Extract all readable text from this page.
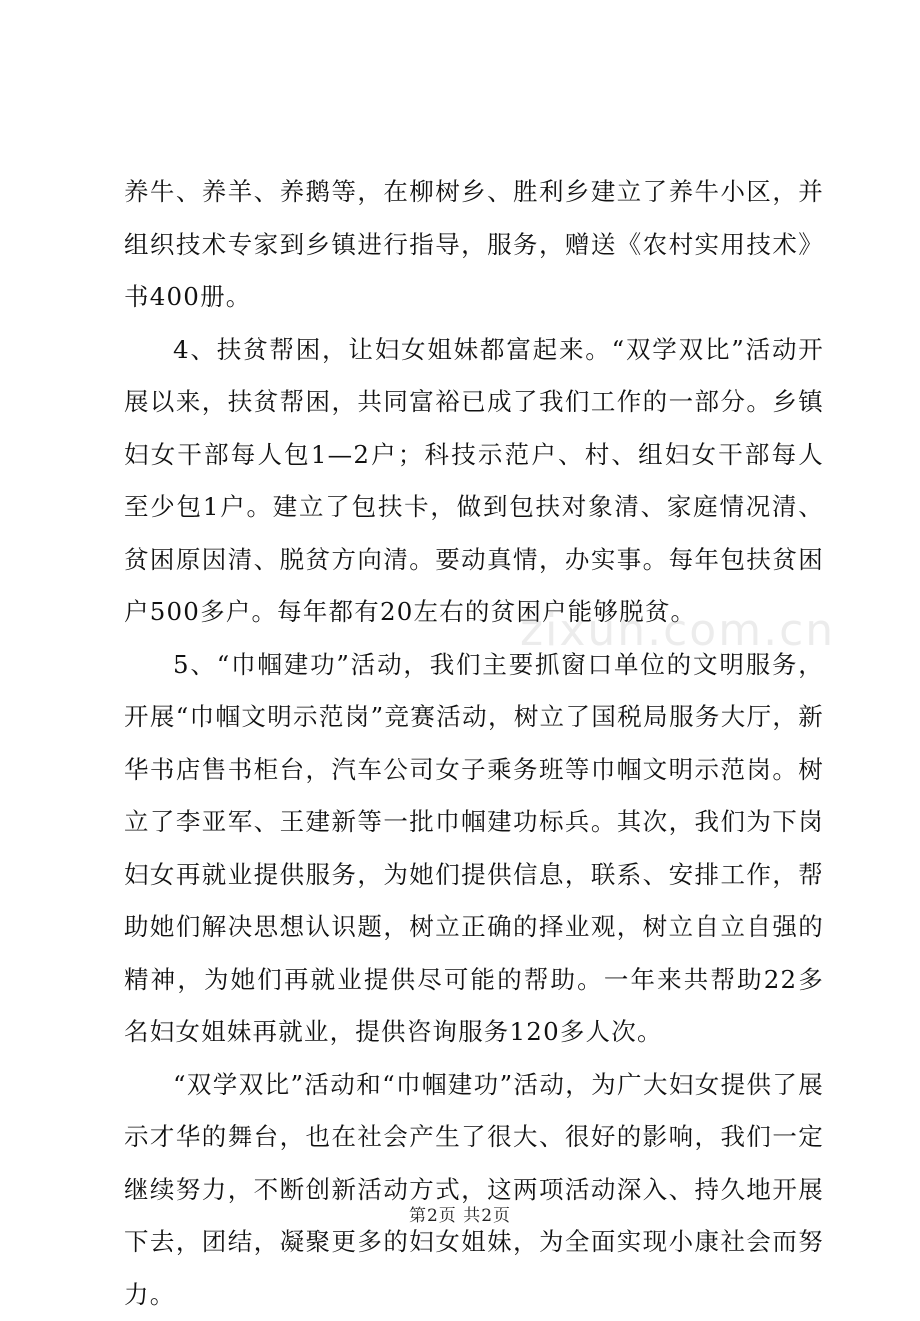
养牛、养羊、养鹅等，在柳树乡、胜利乡建立了养牛小区，并组织技术专家到乡镇进行指导，服务，赠送《农村实用技术》书400册。

4、扶贫帮困，让妇女姐妹都富起来。“双学双比”活动开展以来，扶贫帮困，共同富裕已成了我们工作的一部分。乡镇妇女干部每人包1—2户；科技示范户、村、组妇女干部每人至少包1户。建立了包扶卡，做到包扶对象清、家庭情况清、贫困原因清、脱贫方向清。要动真情，办实事。每年包扶贫困户500多户。每年都有20左右的贫困户能够脱贫。

5、“巾帼建功”活动，我们主要抓窗口单位的文明服务，开展“巾帼文明示范岗”竞赛活动，树立了国税局服务大厅，新华书店售书柜台，汽车公司女子乘务班等巾帼文明示范岗。树立了李亚军、王建新等一批巾帼建功标兵。其次，我们为下岗妇女再就业提供服务，为她们提供信息，联系、安排工作，帮助她们解决思想认识题，树立正确的择业观，树立自立自强的精神，为她们再就业提供尽可能的帮助。一年来共帮助22多名妇女姐妹再就业，提供咨询服务120多人次。

“双学双比”活动和“巾帼建功”活动，为广大妇女提供了展示才华的舞台，也在社会产生了很大、很好的影响，我们一定继续努力，不断创新活动方式，这两项活动深入、持久地开展下去，团结，凝聚更多的妇女姐妹，为全面实现小康社会而努力。

zixun.com.cn
第2页 共2页
